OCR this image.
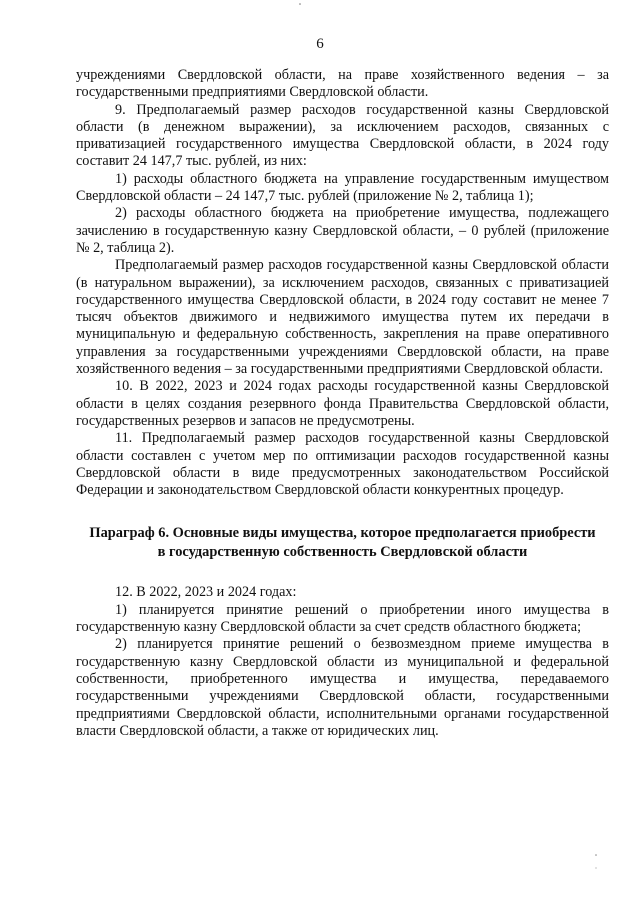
6

учреждениями Свердловской области, на праве хозяйственного ведения – за государственными предприятиями Свердловской области.

9. Предполагаемый размер расходов государственной казны Свердловской области (в денежном выражении), за исключением расходов, связанных с приватизацией государственного имущества Свердловской области, в 2024 году составит 24 147,7 тыс. рублей, из них:

1) расходы областного бюджета на управление государственным имуществом Свердловской области – 24 147,7 тыс. рублей (приложение № 2, таблица 1);

2) расходы областного бюджета на приобретение имущества, подлежащего зачислению в государственную казну Свердловской области, – 0 рублей (приложение № 2, таблица 2).

Предполагаемый размер расходов государственной казны Свердловской области (в натуральном выражении), за исключением расходов, связанных с приватизацией государственного имущества Свердловской области, в 2024 году составит не менее 7 тысяч объектов движимого и недвижимого имущества путем их передачи в муниципальную и федеральную собственность, закрепления на праве оперативного управления за государственными учреждениями Свердловской области, на праве хозяйственного ведения – за государственными предприятиями Свердловской области.

10. В 2022, 2023 и 2024 годах расходы государственной казны Свердловской области в целях создания резервного фонда Правительства Свердловской области, государственных резервов и запасов не предусмотрены.

11. Предполагаемый размер расходов государственной казны Свердловской области составлен с учетом мер по оптимизации расходов государственной казны Свердловской области в виде предусмотренных законодательством Российской Федерации и законодательством Свердловской области конкурентных процедур.

Параграф 6. Основные виды имущества, которое предполагается приобрести
в государственную собственность Свердловской области

12. В 2022, 2023 и 2024 годах:

1) планируется принятие решений о приобретении иного имущества в государственную казну Свердловской области за счет средств областного бюджета;

2) планируется принятие решений о безвозмездном приеме имущества в государственную казну Свердловской области из муниципальной и федеральной собственности, приобретенного имущества и имущества, передаваемого государственными учреждениями Свердловской области, государственными предприятиями Свердловской области, исполнительными органами государственной власти Свердловской области, а также от юридических лиц.
